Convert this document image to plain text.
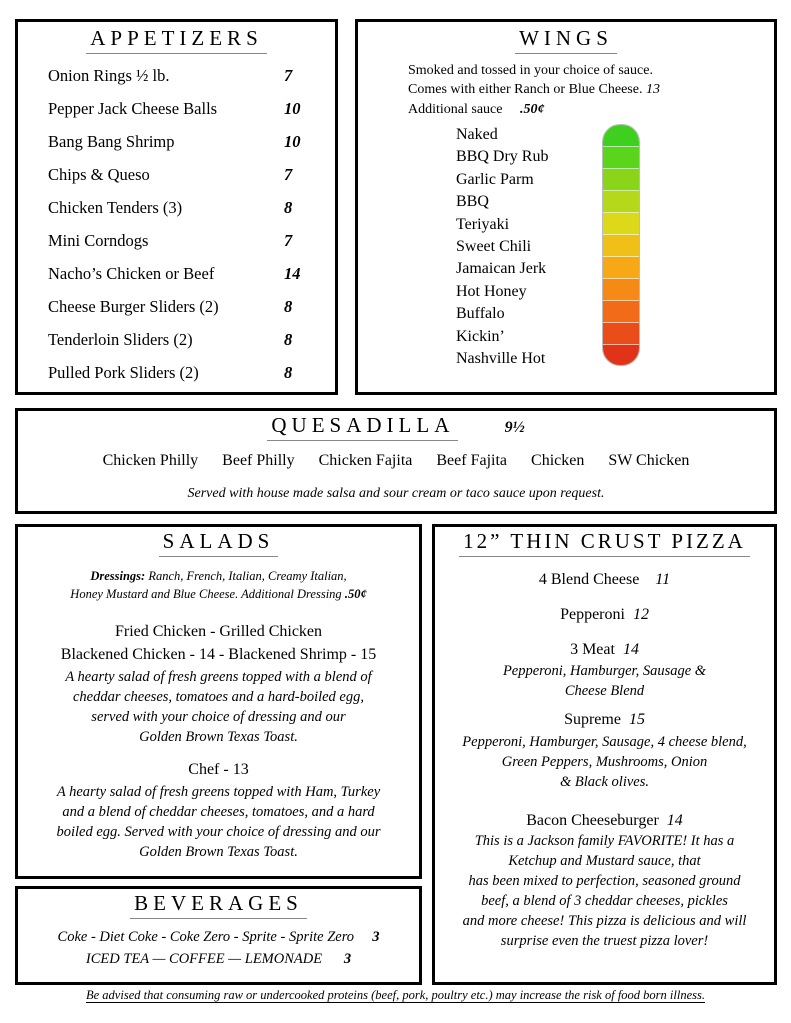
APPETIZERS
Onion Rings ½ lb.	7
Pepper Jack Cheese Balls	10
Bang Bang Shrimp	10
Chips & Queso	7
Chicken Tenders (3)	8
Mini Corndogs	7
Nacho’s Chicken or Beef	14
Cheese Burger Sliders (2)	8
Tenderloin Sliders (2)	8
Pulled Pork Sliders (2)	8
WINGS
Smoked and tossed in your choice of sauce.
Comes with either Ranch or Blue Cheese. 13
Additional sauce .50¢
Naked
BBQ Dry Rub
Garlic Parm
BBQ
Teriyaki
Sweet Chili
Jamaican Jerk
Hot Honey
Buffalo
Kickin’
Nashville Hot
QUESADILLA	9½
Chicken Philly Beef Philly Chicken Fajita Beef Fajita Chicken SW Chicken
Served with house made salsa and sour cream or taco sauce upon request.
SALADS
Dressings: Ranch, French, Italian, Creamy Italian,
Honey Mustard and Blue Cheese. Additional Dressing .50¢
Fried Chicken - Grilled Chicken
Blackened Chicken - 14 - Blackened Shrimp - 15
A hearty salad of fresh greens topped with a blend of
cheddar cheeses, tomatoes and a hard-boiled egg,
served with your choice of dressing and our
Golden Brown Texas Toast.
Chef - 13
A hearty salad of fresh greens topped with Ham, Turkey
and a blend of cheddar cheeses, tomatoes, and a hard
boiled egg. Served with your choice of dressing and our
Golden Brown Texas Toast.
BEVERAGES
Coke - Diet Coke - Coke Zero - Sprite - Sprite Zero 3
ICED TEA — COFFEE — LEMONADE 3
12” THIN CRUST PIZZA
4 Blend Cheese 11
Pepperoni 12
3 Meat 14
Pepperoni, Hamburger, Sausage &
Cheese Blend
Supreme 15
Pepperoni, Hamburger, Sausage, 4 cheese blend,
Green Peppers, Mushrooms, Onion
& Black olives.
Bacon Cheeseburger 14
This is a Jackson family FAVORITE! It has a
Ketchup and Mustard sauce, that
has been mixed to perfection, seasoned ground
beef, a blend of 3 cheddar cheeses, pickles
and more cheese! This pizza is delicious and will
surprise even the truest pizza lover!
Be advised that consuming raw or undercooked proteins (beef, pork, poultry etc.) may increase the risk of food born illness.
